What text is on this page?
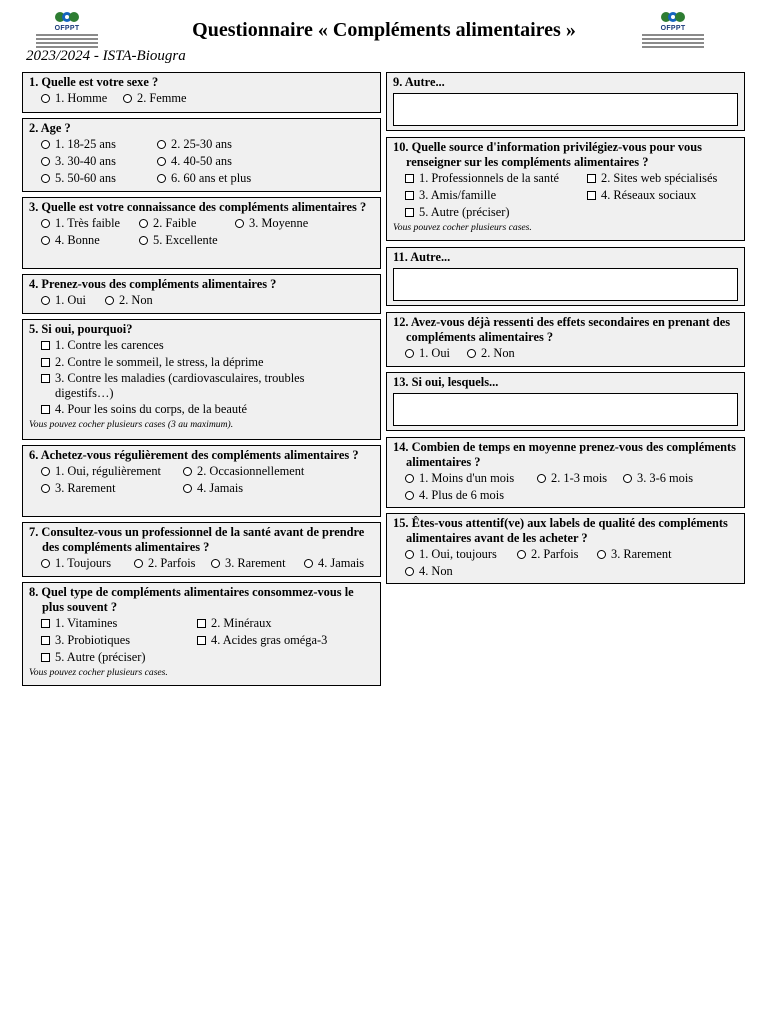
OFPPT	Questionnaire « Compléments alimentaires »
2023/2024 - ISTA-Biougra
OFPPT
1. Quelle est votre sexe ?
1. Homme 2. Femme
2. Age ?
1. 18-25 ans	2. 25-30 ans
3. 30-40 ans	4. 40-50 ans
5. 50-60 ans	6. 60 ans et plus
3. Quelle est votre connaissance des compléments alimentaires ?
1. Très faible	2. Faible	3. Moyenne
4. Bonne	5. Excellente
4. Prenez-vous des compléments alimentaires ?
1. Oui	2. Non
5. Si oui, pourquoi?
1. Contre les carences
2. Contre le sommeil, le stress, la déprime
3. Contre les maladies (cardiovasculaires, troubles digestifs…)
4. Pour les soins du corps, de la beauté
Vous pouvez cocher plusieurs cases (3 au maximum).
6. Achetez-vous régulièrement des compléments alimentaires ?
1. Oui, régulièrement	2. Occasionnellement
3. Rarement	4. Jamais
7. Consultez-vous un professionnel de la santé avant de prendre des compléments alimentaires ?
1. Toujours	2. Parfois 3. Rarement	4. Jamais
8. Quel type de compléments alimentaires consommez-vous le plus souvent ?
1. Vitamines	2. Minéraux
3. Probiotiques	4. Acides gras oméga-3
5. Autre (préciser)
Vous pouvez cocher plusieurs cases.
9. Autre...
10. Quelle source d'information privilégiez-vous pour vous renseigner sur les compléments alimentaires ?
1. Professionnels de la santé	2. Sites web spécialisés
3. Amis/famille	4. Réseaux sociaux
5. Autre (préciser)
Vous pouvez cocher plusieurs cases.
11. Autre...
12. Avez-vous déjà ressenti des effets secondaires en prenant des compléments alimentaires ?
1. Oui	2. Non
13. Si oui, lesquels...
14. Combien de temps en moyenne prenez-vous des compléments alimentaires ?
1. Moins d'un mois	2. 1-3 mois 3. 3-6 mois
4. Plus de 6 mois
15. Êtes-vous attentif(ve) aux labels de qualité des compléments alimentaires avant de les acheter ?
1. Oui, toujours	2. Parfois	3. Rarement
4. Non
